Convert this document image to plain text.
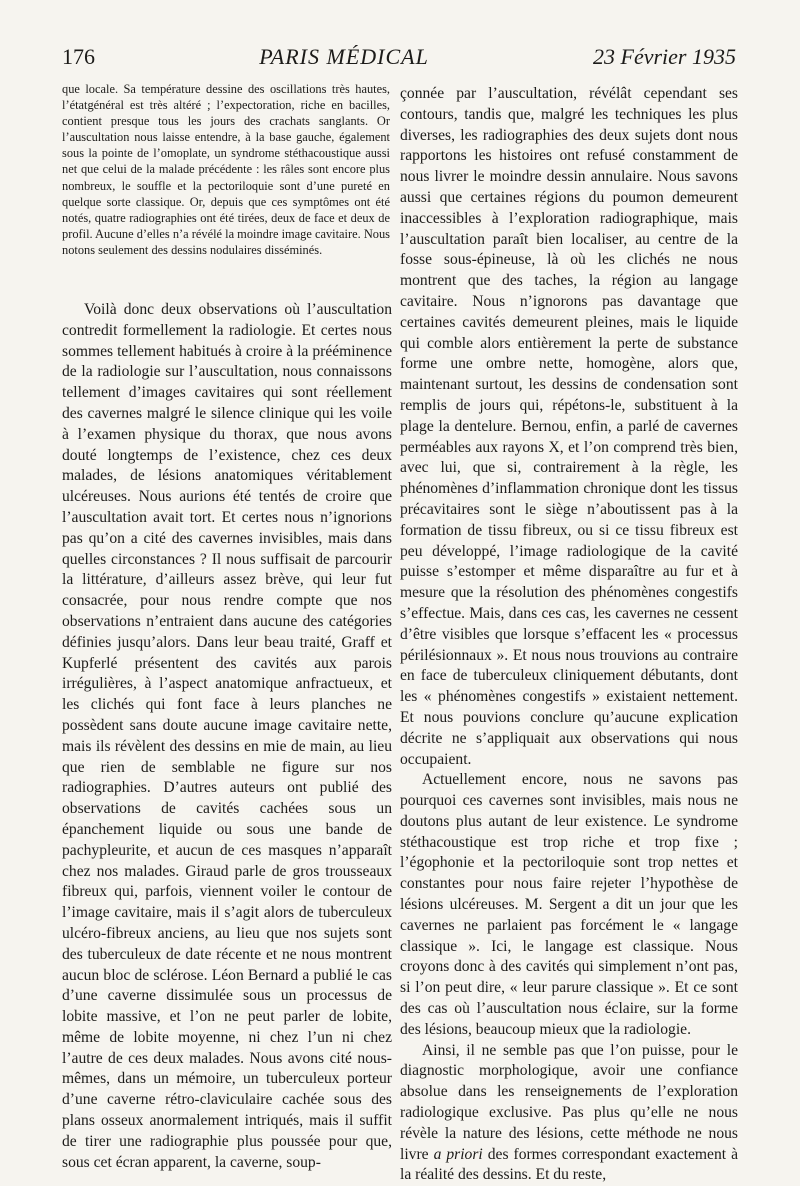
176	PARIS MÉDICAL	23 Février 1935

que locale. Sa température dessine des oscillations très hautes, l’étatgénéral est très altéré ; l’expectoration, riche en bacilles, contient presque tous les jours des crachats sanglants. Or l’auscultation nous laisse entendre, à la base gauche, également sous la pointe de l’omoplate, un syndrome stéthacoustique aussi net que celui de la malade précédente : les râles sont encore plus nombreux, le souffle et la pectoriloquie sont d’une pureté en quelque sorte classique. Or, depuis que ces symptômes ont été notés, quatre radiographies ont été tirées, deux de face et deux de profil. Aucune d’elles n’a révélé la moindre image cavitaire. Nous notons seulement des dessins nodulaires disséminés.

Voilà donc deux observations où l’auscultation contredit formellement la radiologie. Et certes nous sommes tellement habitués à croire à la prééminence de la radiologie sur l’auscultation, nous connaissons tellement d’images cavitaires qui sont réellement des cavernes malgré le silence clinique qui les voile à l’examen physique du thorax, que nous avons douté longtemps de l’existence, chez ces deux malades, de lésions anatomiques véritablement ulcéreuses. Nous aurions été tentés de croire que l’auscultation avait tort. Et certes nous n’ignorions pas qu’on a cité des cavernes invisibles, mais dans quelles circonstances ? Il nous suffisait de parcourir la littérature, d’ailleurs assez brève, qui leur fut consacrée, pour nous rendre compte que nos observations n’entraient dans aucune des catégories définies jusqu’alors. Dans leur beau traité, Graff et Kupferlé présentent des cavités aux parois irrégulières, à l’aspect anatomique anfractueux, et les clichés qui font face à leurs planches ne possèdent sans doute aucune image cavitaire nette, mais ils révèlent des dessins en mie de main, au lieu que rien de semblable ne figure sur nos radiographies. D’autres auteurs ont publié des observations de cavités cachées sous un épanchement liquide ou sous une bande de pachypleurite, et aucun de ces masques n’apparaît chez nos malades. Giraud parle de gros trousseaux fibreux qui, parfois, viennent voiler le contour de l’image cavitaire, mais il s’agit alors de tuberculeux ulcéro-fibreux anciens, au lieu que nos sujets sont des tuberculeux de date récente et ne nous montrent aucun bloc de sclérose. Léon Bernard a publié le cas d’une caverne dissimulée sous un processus de lobite massive, et l’on ne peut parler de lobite, même de lobite moyenne, ni chez l’un ni chez l’autre de ces deux malades. Nous avons cité nous-mêmes, dans un mémoire, un tuberculeux porteur d’une caverne rétro-claviculaire cachée sous des plans osseux anormalement intriqués, mais il suffit de tirer une radiographie plus poussée pour que, sous cet écran apparent, la caverne, soup-

çonnée par l’auscultation, révélât cependant ses contours, tandis que, malgré les techniques les plus diverses, les radiographies des deux sujets dont nous rapportons les histoires ont refusé constamment de nous livrer le moindre dessin annulaire. Nous savons aussi que certaines régions du poumon demeurent inaccessibles à l’exploration radiographique, mais l’auscultation paraît bien localiser, au centre de la fosse sous-épineuse, là où les clichés ne nous montrent que des taches, la région au langage cavitaire. Nous n’ignorons pas davantage que certaines cavités demeurent pleines, mais le liquide qui comble alors entièrement la perte de substance forme une ombre nette, homogène, alors que, maintenant surtout, les dessins de condensation sont remplis de jours qui, répétons-le, substituent à la plage la dentelure. Bernou, enfin, a parlé de cavernes perméables aux rayons X, et l’on comprend très bien, avec lui, que si, contrairement à la règle, les phénomènes d’inflammation chronique dont les tissus précavitaires sont le siège n’aboutissent pas à la formation de tissu fibreux, ou si ce tissu fibreux est peu développé, l’image radiologique de la cavité puisse s’estomper et même disparaître au fur et à mesure que la résolution des phénomènes congestifs s’effectue. Mais, dans ces cas, les cavernes ne cessent d’être visibles que lorsque s’effacent les « processus périlésionnaux ». Et nous nous trouvions au contraire en face de tuberculeux cliniquement débutants, dont les « phénomènes congestifs » existaient nettement. Et nous pouvions conclure qu’aucune explication décrite ne s’appliquait aux observations qui nous occupaient.

Actuellement encore, nous ne savons pas pourquoi ces cavernes sont invisibles, mais nous ne doutons plus autant de leur existence. Le syndrome stéthacoustique est trop riche et trop fixe ; l’égophonie et la pectoriloquie sont trop nettes et constantes pour nous faire rejeter l’hypothèse de lésions ulcéreuses. M. Sergent a dit un jour que les cavernes ne parlaient pas forcément le « langage classique ». Ici, le langage est classique. Nous croyons donc à des cavités qui simplement n’ont pas, si l’on peut dire, « leur parure classique ». Et ce sont des cas où l’auscultation nous éclaire, sur la forme des lésions, beaucoup mieux que la radiologie.

Ainsi, il ne semble pas que l’on puisse, pour le diagnostic morphologique, avoir une confiance absolue dans les renseignements de l’exploration radiologique exclusive. Pas plus qu’elle ne nous révèle la nature des lésions, cette méthode ne nous livre a priori des formes correspondant exactement à la réalité des dessins. Et du reste,
